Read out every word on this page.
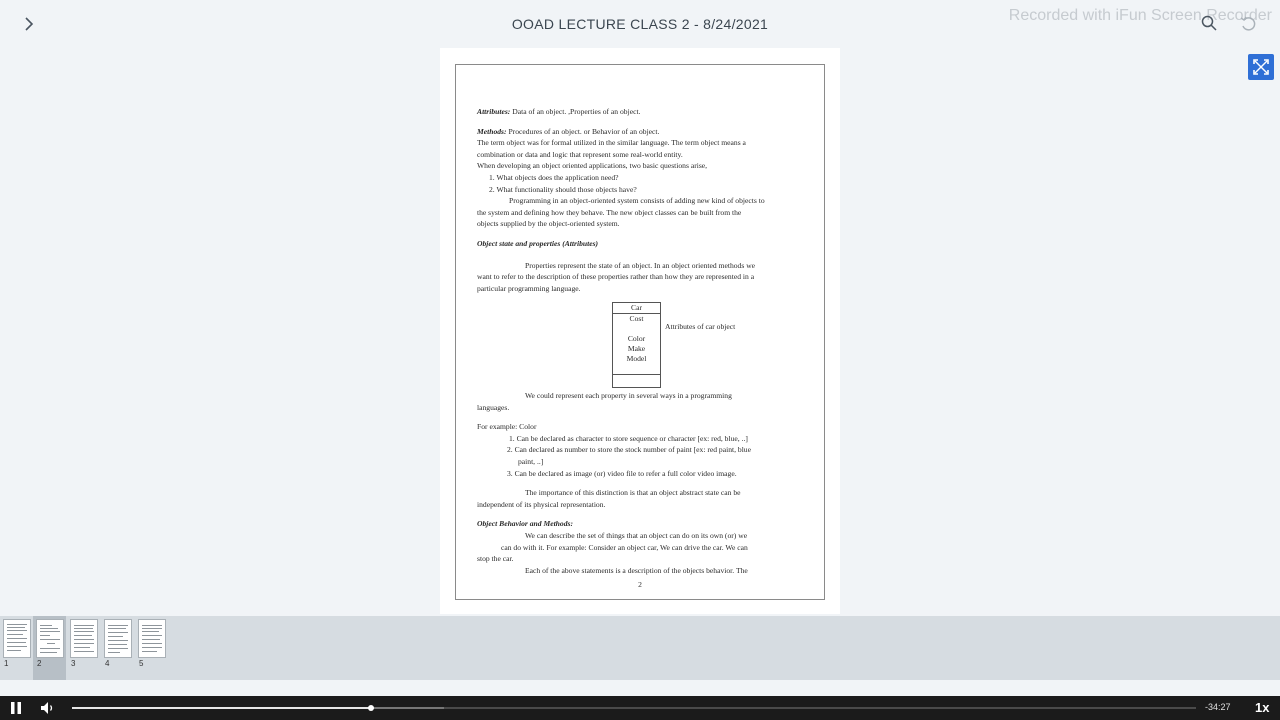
OOAD LECTURE CLASS 2 - 8/24/2021	Recorded with iFun Screen Recorder

Attributes: Data of an object. ,Properties of an object.

Methods: Procedures of an object. or Behavior of an object.

The term object was for formal utilized in the similar language. The term object means a

combination or data and logic that represent some real-world entity.

When developing an object oriented applications, two basic questions arise,

1. What objects does the application need?

2. What functionality should those objects have?

Programming in an object-oriented system consists of adding new kind of objects to

the system and defining how they behave. The new object classes can be built from the

objects supplied by the object-oriented system.

Object state and properties (Attributes)

Properties represent the state of an object. In an object oriented methods we

want to refer to the description of these properties rather than how they are represented in a

particular programming language.

Car
Cost
Color
Make
Model
Attributes of car object

We could represent each property in several ways in a programming

languages.

For example: Color

1. Can be declared as character to store sequence or character [ex: red, blue, ..]

2. Can declared as number to store the stock number of paint [ex: red paint, blue

paint, ..]

3. Can be declared as image (or) video file to refer a full color video image.

The importance of this distinction is that an object abstract state can be

independent of its physical representation.

Object Behavior and Methods:

We can describe the set of things that an object can do on its own (or) we

can do with it. For example: Consider an object car, We can drive the car. We can

stop the car.

Each of the above statements is a description of the objects behavior. The

2
1	2	3	4	5
-34:27 1x
